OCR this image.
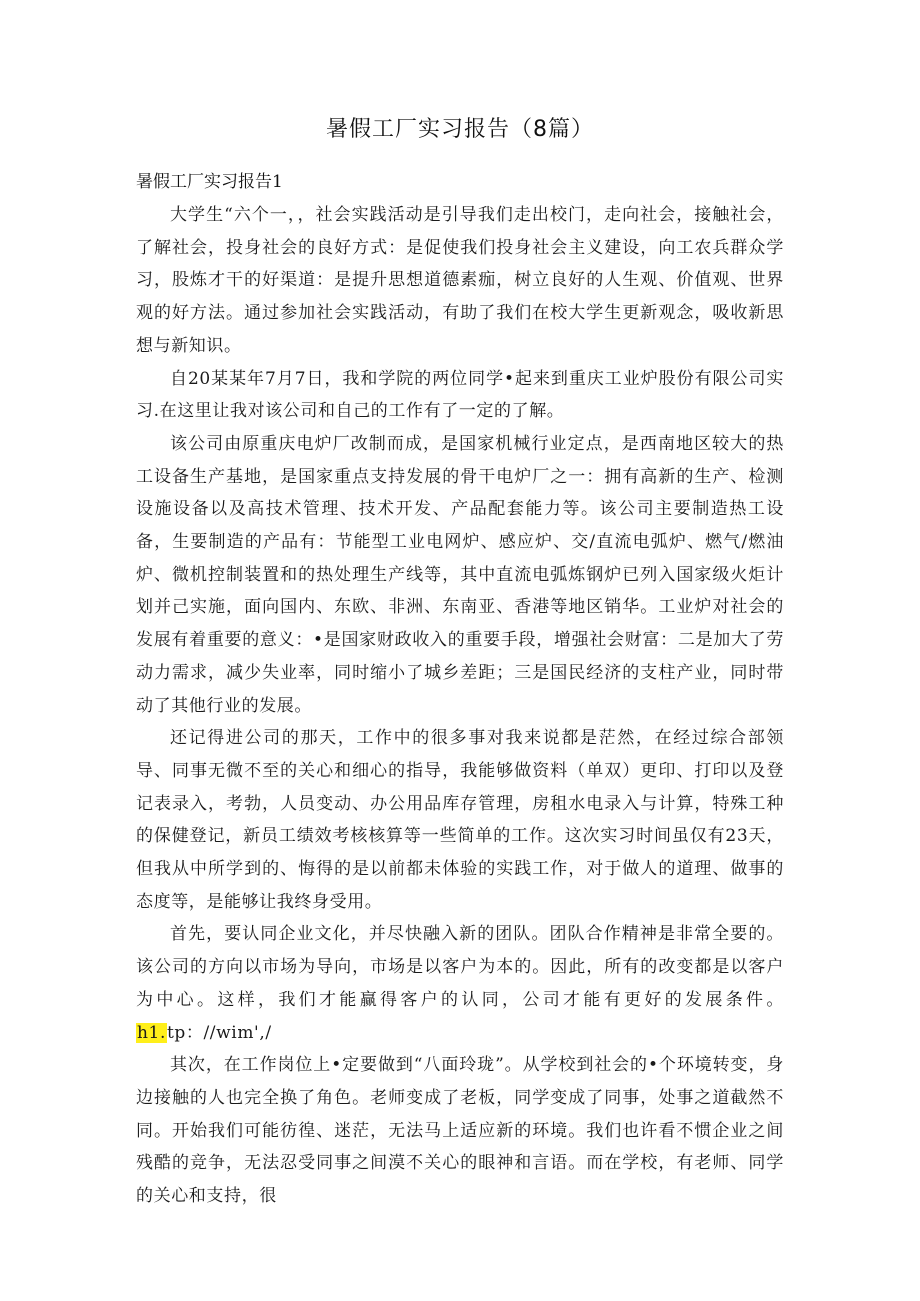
暑假工厂实习报告（8篇）
暑假工厂实习报告1

大学生“六个一，，社会实践活动是引导我们走出校门，走向社会，接触社会，了解社会，投身社会的良好方式：是促使我们投身社会主义建设，向工农兵群众学习，股炼才干的好渠道：是提升思想道德素痂，树立良好的人生观、价值观、世界观的好方法。通过参加社会实践活动，有助了我们在校大学生更新观念，吸收新思想与新知识。

自20某某年7月7日，我和学院的两位同学•起来到重庆工业炉股份有限公司实习.在这里让我对该公司和自己的工作有了一定的了解。

该公司由原重庆电炉厂改制而成，是国家机械行业定点，是西南地区较大的热工设备生产基地，是国家重点支持发展的骨干电炉厂之一：拥有高新的生产、检测设施设备以及高技术管理、技术开发、产品配套能力等。该公司主要制造热工设备，生要制造的产品有：节能型工业电网炉、感应炉、交/直流电弧炉、燃气/燃油炉、微机控制装置和的热处理生产线等，其中直流电弧炼钢炉已列入国家级火炬计划并己实施，面向国内、东欧、非洲、东南亚、香港等地区销华。工业炉对社会的发展有着重要的意义：•是国家财政收入的重要手段，增强社会财富：二是加大了劳动力需求，减少失业率，同时缩小了城乡差距；三是国民经济的支柱产业，同时带动了其他行业的发展。

还记得进公司的那天，工作中的很多事对我来说都是茫然，在经过综合部领导、同事无微不至的关心和细心的指导，我能够做资料（单双）更印、打印以及登记表录入，考勃，人员变动、办公用品库存管理，房租水电录入与计算，特殊工种的保健登记，新员工绩效考核核算等一些简单的工作。这次实习时间虽仅有23天，但我从中所学到的、悔得的是以前都未体验的实践工作，对于做人的道理、做事的态度等，是能够让我终身受用。

首先，要认同企业文化，并尽快融入新的团队。团队合作精神是非常全要的。该公司的方向以市场为导向，市场是以客户为本的。因此，所有的改变都是以客户为中心。这样，我们才能赢得客户的认同，公司才能有更好的发展条件。h1.tp：//wim',/

其次，在工作岗位上•定要做到“八面玲珑”。从学校到社会的•个环境转变，身边接触的人也完全换了角色。老师变成了老板，同学变成了同事，处事之道截然不同。开始我们可能彷徨、迷茫，无法马上适应新的环境。我们也许看不惯企业之间残酷的竞争，无法忍受同事之间漠不关心的眼神和言语。而在学校，有老师、同学的关心和支持，很
